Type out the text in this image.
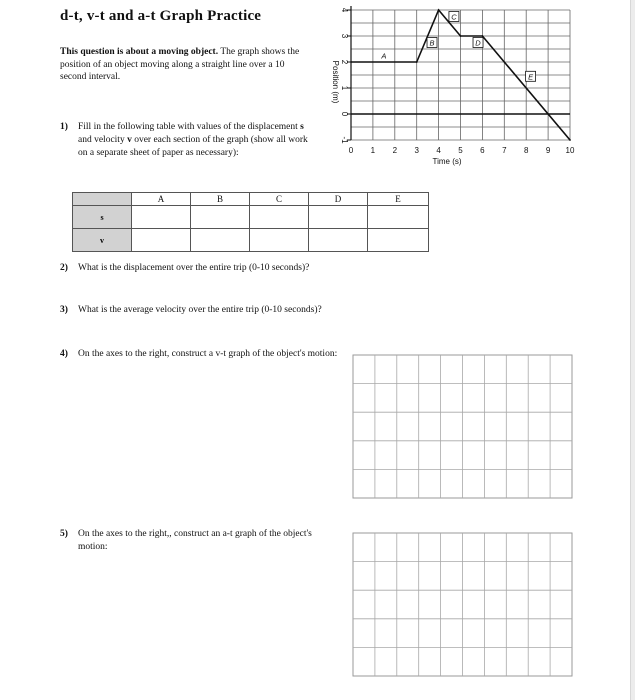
d-t, v-t and a-t Graph Practice
This question is about a moving object. The graph shows the position of an object moving along a straight line over a 10 second interval.
4
3
2
1
0
-1
0 1 2 3 4 5 6 7 8 9 10
A
B
C
D
E
Position (m)
Time (s)
1) Fill in the following table with values of the displacement s and velocity v over each section of the graph (show all work on a separate sheet of paper as necessary):
	A	B	C	D	E
s					
v					
2) What is the displacement over the entire trip (0-10 seconds)?
3) What is the average velocity over the entire trip (0-10 seconds)?
4) On the axes to the right, construct a v-t graph of the object's motion:
5) On the axes to the right,, construct an a-t graph of the object's motion:
